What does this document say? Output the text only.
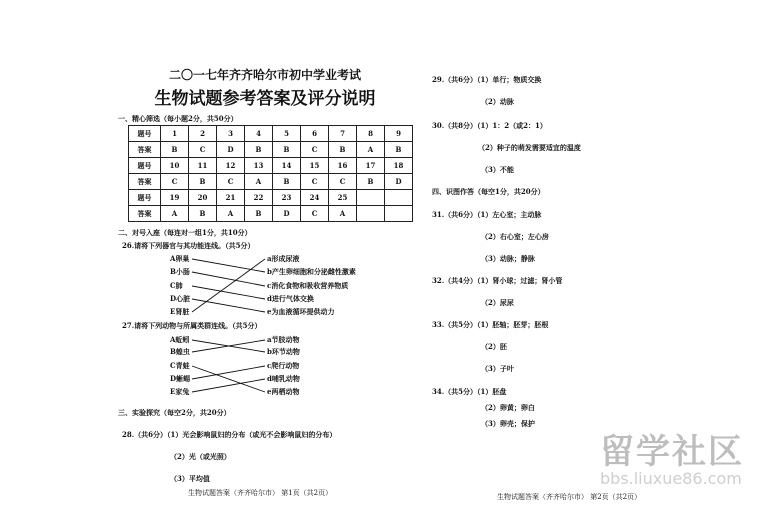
二〇一七年齐齐哈尔市初中学业考试
生物试题参考答案及评分说明
一、精心筛选（每小题2分，共50分）
题号	1	2	3	4	5	6	7	8	9
答案	B	C	D	B	B	C	B	A	B
题号	10	11	12	13	14	15	16	17	18
答案	C	B	C	A	B	C	C	B	D
题号	19	20	21	22	23	24	25		
答案	A	B	A	B	D	C	A		
二、对号入座（每连对一组1分，共10分）
26.请将下列器官与其功能连线。（共5分）
A卵巢
B小肠
C肺
D心脏
E肾脏
a形成尿液
b产生卵细胞和分泌雌性激素
c消化食物和吸收营养物质
d进行气体交换
e为血液循环提供动力
27.请将下列动物与所属类群连线。（共5分）
A蚯蚓
B蝗虫
C青蛙
D蜥蜴
E家兔
a节肢动物
b环节动物
c爬行动物
d哺乳动物
e两栖动物
三、实验探究（每空2分，共20分）
28.（共6分）（1）光会影响鼠妇的分布（或光不会影响鼠妇的分布）
（2）光（或光照）
（3）平均值
生物试题答案（齐齐哈尔市） 第1页（共2页）
29.（共6分）（1）单行；物质交换
（2）动脉
30.（共8分）（1）1：2（或2：1）
（2）种子的萌发需要适宜的温度
（3）不能
四、识图作答（每空1分，共20分）
31.（共6分）（1）左心室；主动脉
（2）右心室；左心房
（3）动脉；静脉
32.（共4分）（1）肾小球；过滤；肾小管
（2）尿尿
33.（共5分）（1）胚轴；胚芽；胚根
（2）胚
（3）子叶
34.（共5分）（1）胚盘
（2）卵黄；卵白
（3）卵壳；保护
生物试题答案（齐齐哈尔市） 第2页（共2页）
留学社区
bbs.liuxue86.com
